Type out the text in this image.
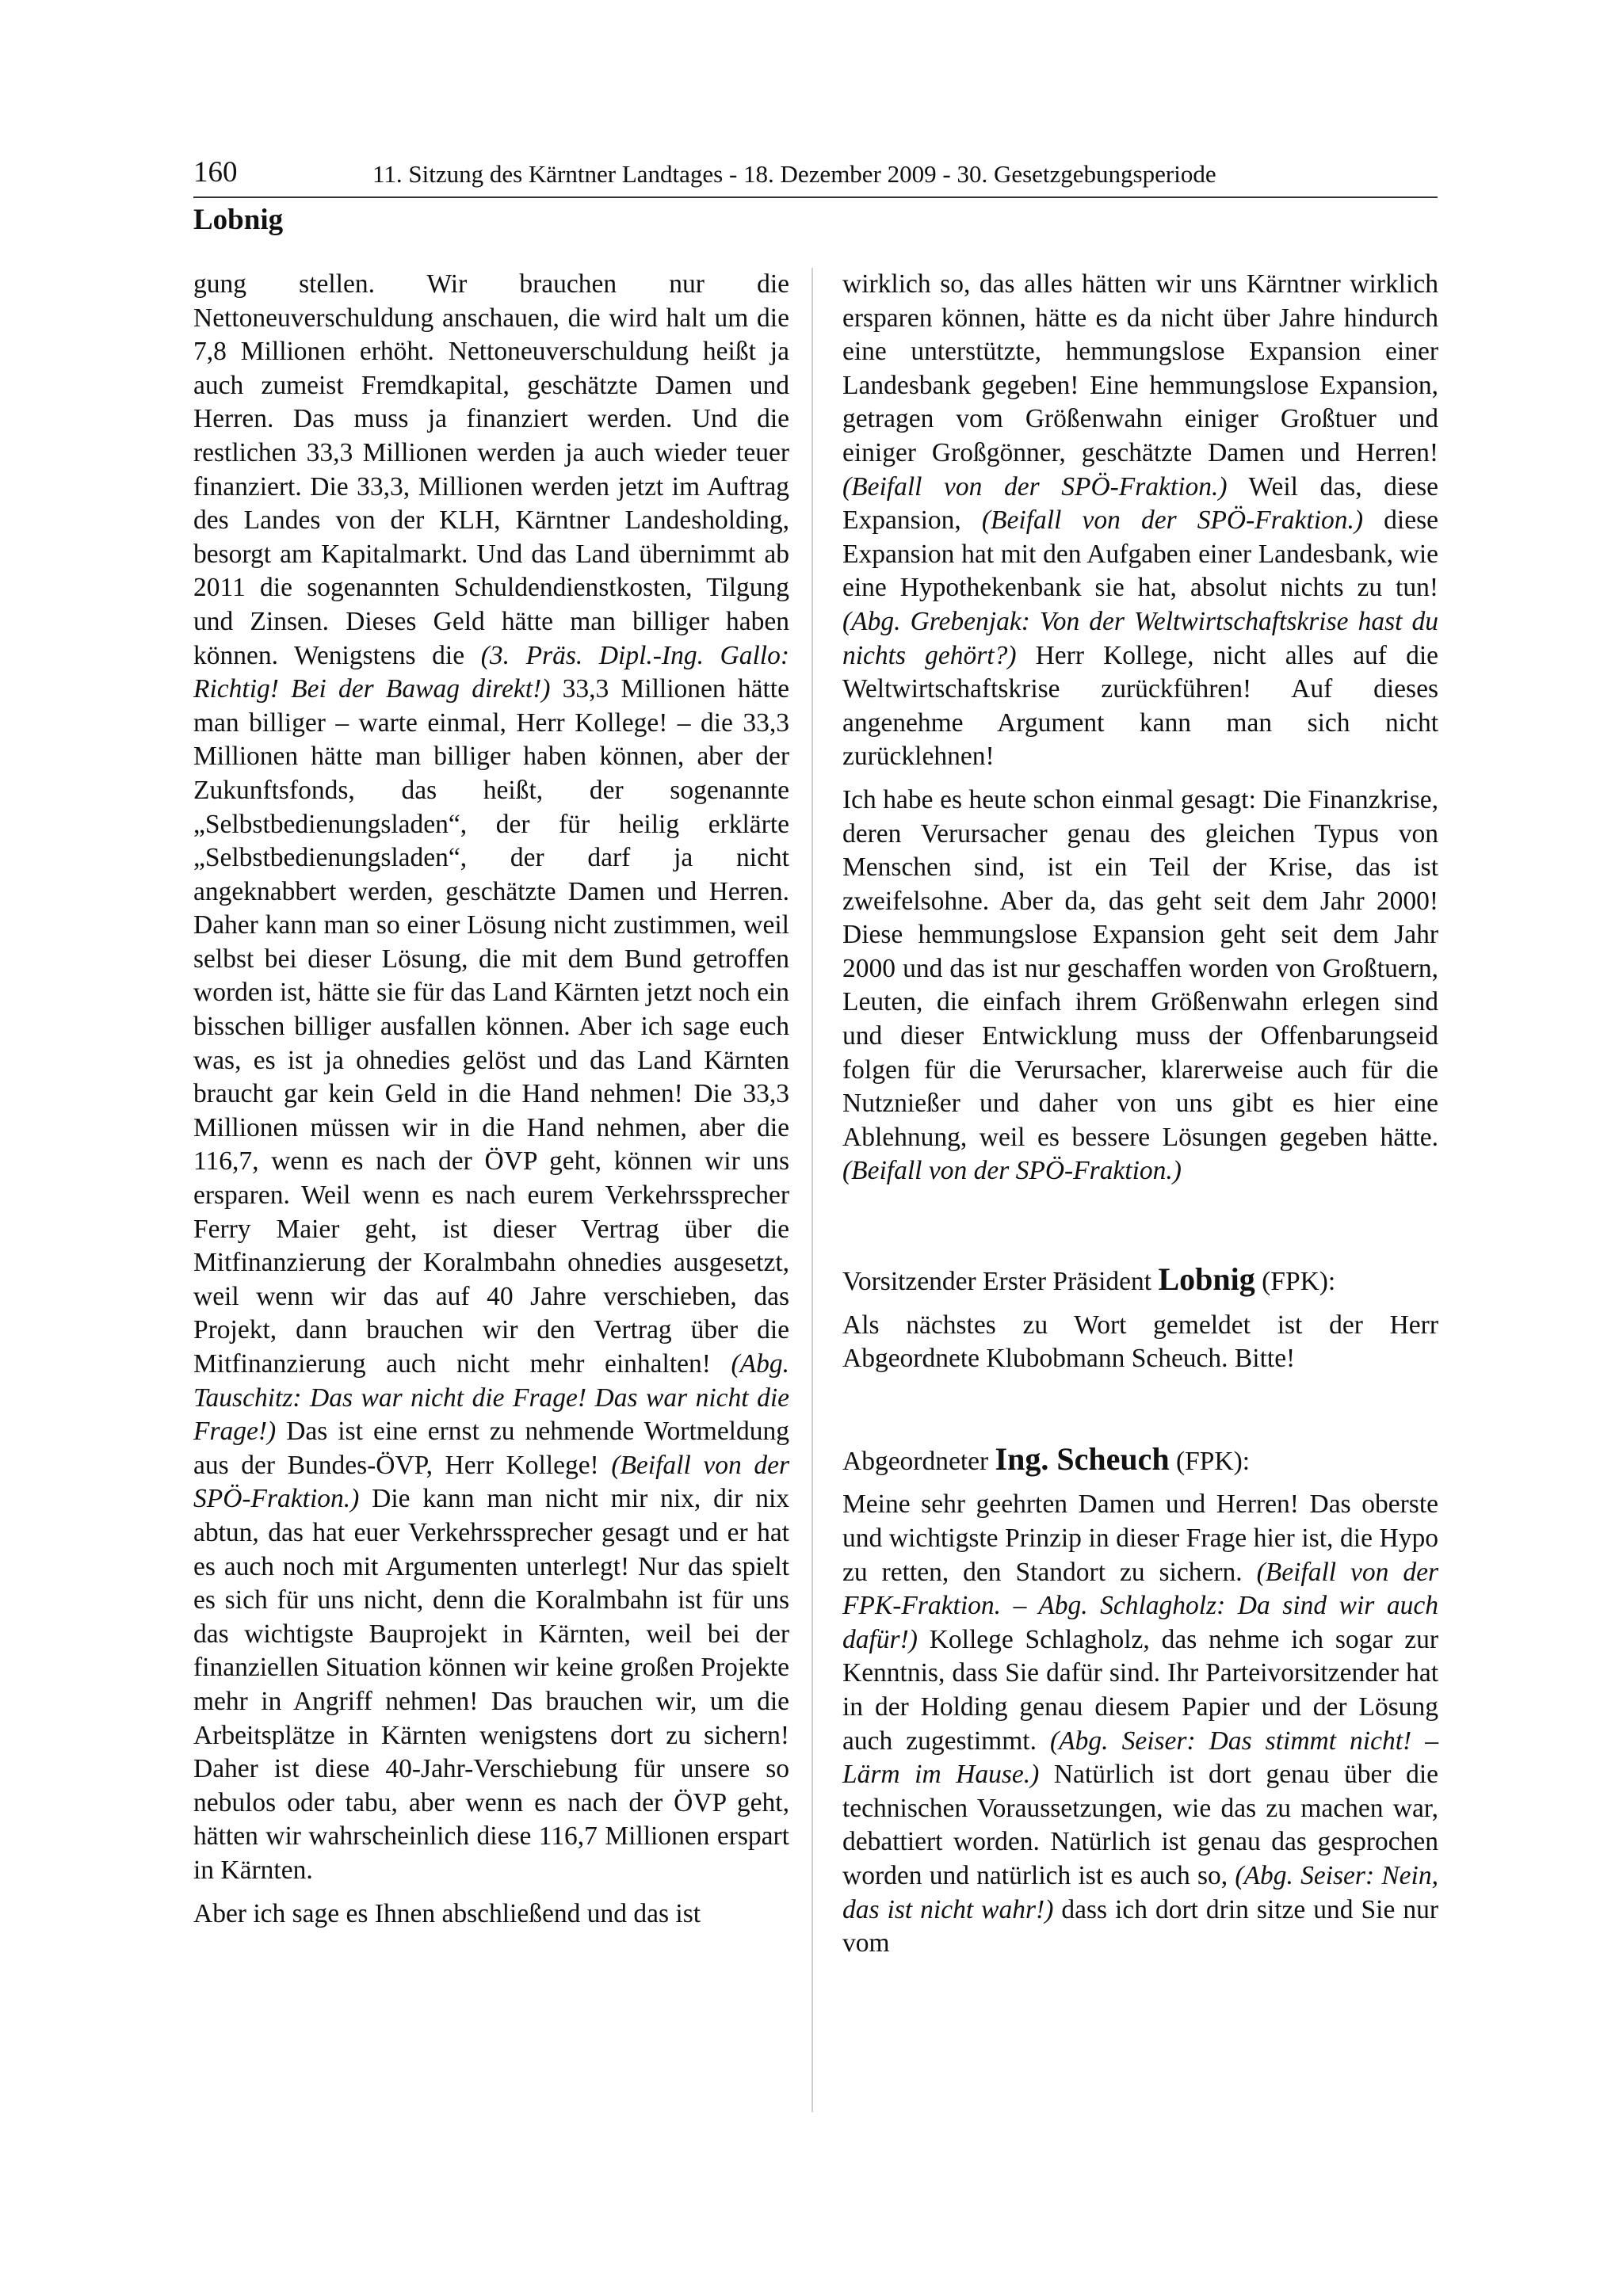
160	11. Sitzung des Kärntner Landtages - 18. Dezember 2009 - 30. Gesetzgebungsperiode
Lobnig

gung stellen. Wir brauchen nur die Nettoneuverschuldung anschauen, die wird halt um die 7,8 Millionen erhöht. Nettoneuverschuldung heißt ja auch zumeist Fremdkapital, geschätzte Damen und Herren. Das muss ja finanziert werden. Und die restlichen 33,3 Millionen werden ja auch wieder teuer finanziert. Die 33,3, Millionen werden jetzt im Auftrag des Landes von der KLH, Kärntner Landesholding, besorgt am Kapitalmarkt. Und das Land übernimmt ab 2011 die sogenannten Schuldendienstkosten, Tilgung und Zinsen. Dieses Geld hätte man billiger haben können. Wenigstens die (3. Präs. Dipl.-Ing. Gallo: Richtig! Bei der Bawag direkt!) 33,3 Millionen hätte man billiger – warte einmal, Herr Kollege! – die 33,3 Millionen hätte man billiger haben können, aber der Zukunftsfonds, das heißt, der sogenannte „Selbstbedienungsladen“, der für heilig erklärte „Selbstbedienungsladen“, der darf ja nicht angeknabbert werden, geschätzte Damen und Herren. Daher kann man so einer Lösung nicht zustimmen, weil selbst bei dieser Lösung, die mit dem Bund getroffen worden ist, hätte sie für das Land Kärnten jetzt noch ein bisschen billiger ausfallen können. Aber ich sage euch was, es ist ja ohnedies gelöst und das Land Kärnten braucht gar kein Geld in die Hand nehmen! Die 33,3 Millionen müssen wir in die Hand nehmen, aber die 116,7, wenn es nach der ÖVP geht, können wir uns ersparen. Weil wenn es nach eurem Verkehrssprecher Ferry Maier geht, ist dieser Vertrag über die Mitfinanzierung der Koralmbahn ohnedies ausgesetzt, weil wenn wir das auf 40 Jahre verschieben, das Projekt, dann brauchen wir den Vertrag über die Mitfinanzierung auch nicht mehr einhalten! (Abg. Tauschitz: Das war nicht die Frage! Das war nicht die Frage!) Das ist eine ernst zu nehmende Wortmeldung aus der Bundes-ÖVP, Herr Kollege! (Beifall von der SPÖ-Fraktion.) Die kann man nicht mir nix, dir nix abtun, das hat euer Verkehrssprecher gesagt und er hat es auch noch mit Argumenten unterlegt! Nur das spielt es sich für uns nicht, denn die Koralmbahn ist für uns das wichtigste Bauprojekt in Kärnten, weil bei der finanziellen Situation können wir keine großen Projekte mehr in Angriff nehmen! Das brauchen wir, um die Arbeitsplätze in Kärnten wenigstens dort zu sichern! Daher ist diese 40-Jahr-Verschiebung für unsere so nebulos oder tabu, aber wenn es nach der ÖVP geht, hätten wir wahrscheinlich diese 116,7 Millionen erspart in Kärnten.

Aber ich sage es Ihnen abschließend und das ist

wirklich so, das alles hätten wir uns Kärntner wirklich ersparen können, hätte es da nicht über Jahre hindurch eine unterstützte, hemmungslose Expansion einer Landesbank gegeben! Eine hemmungslose Expansion, getragen vom Größenwahn einiger Großtuer und einiger Großgönner, geschätzte Damen und Herren! (Beifall von der SPÖ-Fraktion.) Weil das, diese Expansion, (Beifall von der SPÖ-Fraktion.) diese Expansion hat mit den Aufgaben einer Landesbank, wie eine Hypothekenbank sie hat, absolut nichts zu tun! (Abg. Grebenjak: Von der Weltwirtschaftskrise hast du nichts gehört?) Herr Kollege, nicht alles auf die Weltwirtschaftskrise zurückführen! Auf dieses angenehme Argument kann man sich nicht zurücklehnen!

Ich habe es heute schon einmal gesagt: Die Finanzkrise, deren Verursacher genau des gleichen Typus von Menschen sind, ist ein Teil der Krise, das ist zweifelsohne. Aber da, das geht seit dem Jahr 2000! Diese hemmungslose Expansion geht seit dem Jahr 2000 und das ist nur geschaffen worden von Großtuern, Leuten, die einfach ihrem Größenwahn erlegen sind und dieser Entwicklung muss der Offenbarungseid folgen für die Verursacher, klarerweise auch für die Nutznießer und daher von uns gibt es hier eine Ablehnung, weil es bessere Lösungen gegeben hätte. (Beifall von der SPÖ-Fraktion.)

Vorsitzender Erster Präsident Lobnig (FPK):

Als nächstes zu Wort gemeldet ist der Herr Abgeordnete Klubobmann Scheuch. Bitte!

Abgeordneter Ing. Scheuch (FPK):

Meine sehr geehrten Damen und Herren! Das oberste und wichtigste Prinzip in dieser Frage hier ist, die Hypo zu retten, den Standort zu sichern. (Beifall von der FPK-Fraktion. – Abg. Schlagholz: Da sind wir auch dafür!) Kollege Schlagholz, das nehme ich sogar zur Kenntnis, dass Sie dafür sind. Ihr Parteivorsitzender hat in der Holding genau diesem Papier und der Lösung auch zugestimmt. (Abg. Seiser: Das stimmt nicht! – Lärm im Hause.) Natürlich ist dort genau über die technischen Voraussetzungen, wie das zu machen war, debattiert worden. Natürlich ist genau das gesprochen worden und natürlich ist es auch so, (Abg. Seiser: Nein, das ist nicht wahr!) dass ich dort drin sitze und Sie nur vom
